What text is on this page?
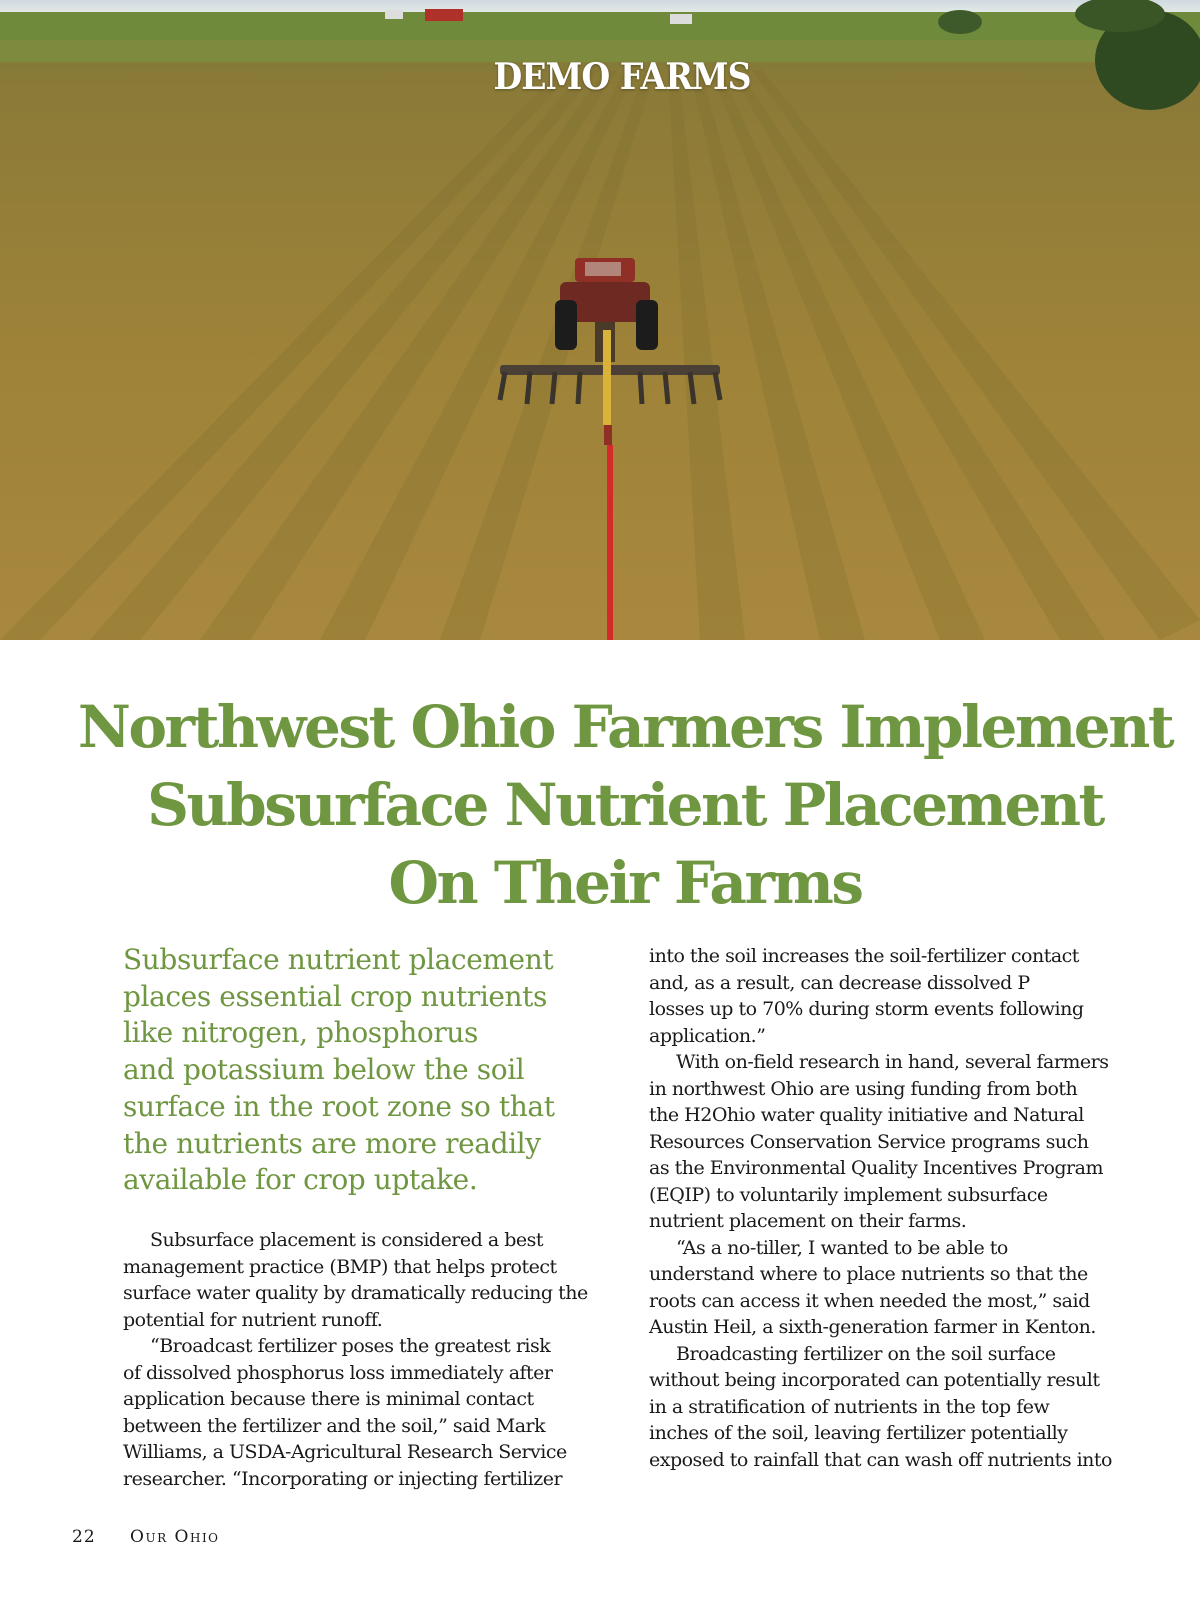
DEMO FARMS
Northwest Ohio Farmers Implement
Subsurface Nutrient Placement
On Their Farms

Subsurface nutrient placement
places essential crop nutrients
like nitrogen, phosphorus
and potassium below the soil
surface in the root zone so that
the nutrients are more readily
available for crop uptake.

Subsurface placement is considered a best
management practice (BMP) that helps protect
surface water quality by dramatically reducing the
potential for nutrient runoff.
“Broadcast fertilizer poses the greatest risk
of dissolved phosphorus loss immediately after
application because there is minimal contact
between the fertilizer and the soil,” said Mark
Williams, a USDA-Agricultural Research Service
researcher. “Incorporating or injecting fertilizer
into the soil increases the soil-fertilizer contact
and, as a result, can decrease dissolved P
losses up to 70% during storm events following
application.”
With on-field research in hand, several farmers
in northwest Ohio are using funding from both
the H2Ohio water quality initiative and Natural
Resources Conservation Service programs such
as the Environmental Quality Incentives Program
(EQIP) to voluntarily implement subsurface
nutrient placement on their farms.
“As a no-tiller, I wanted to be able to
understand where to place nutrients so that the
roots can access it when needed the most,” said
Austin Heil, a sixth-generation farmer in Kenton.
Broadcasting fertilizer on the soil surface
without being incorporated can potentially result
in a stratification of nutrients in the top few
inches of the soil, leaving fertilizer potentially
exposed to rainfall that can wash off nutrients into
22 Our Ohio
